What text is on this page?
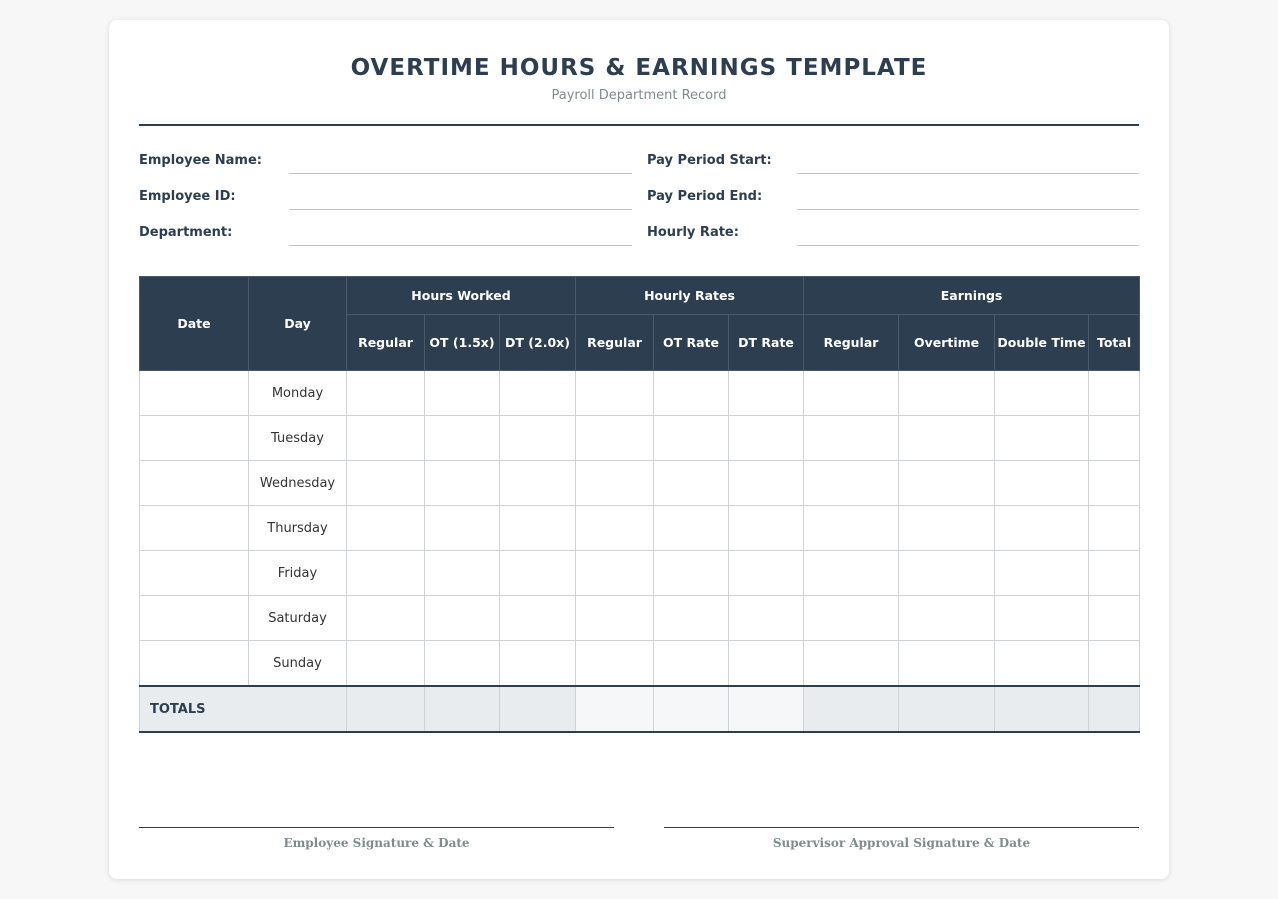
OVERTIME HOURS & EARNINGS TEMPLATE
Payroll Department Record
Employee Name:	Pay Period Start:
Employee ID:	Pay Period End:
Department:	Hourly Rate:
Date	Day	Hours Worked			Hourly Rates			Earnings			
		Regular	OT (1.5x)	DT (2.0x)	Regular	OT Rate	DT Rate	Regular	Overtime	Double Time	Total
	Monday										
	Tuesday										
	Wednesday										
	Thursday										
	Friday										
	Saturday										
	Sunday										
TOTALS											
Employee Signature & Date	Supervisor Approval Signature & Date
